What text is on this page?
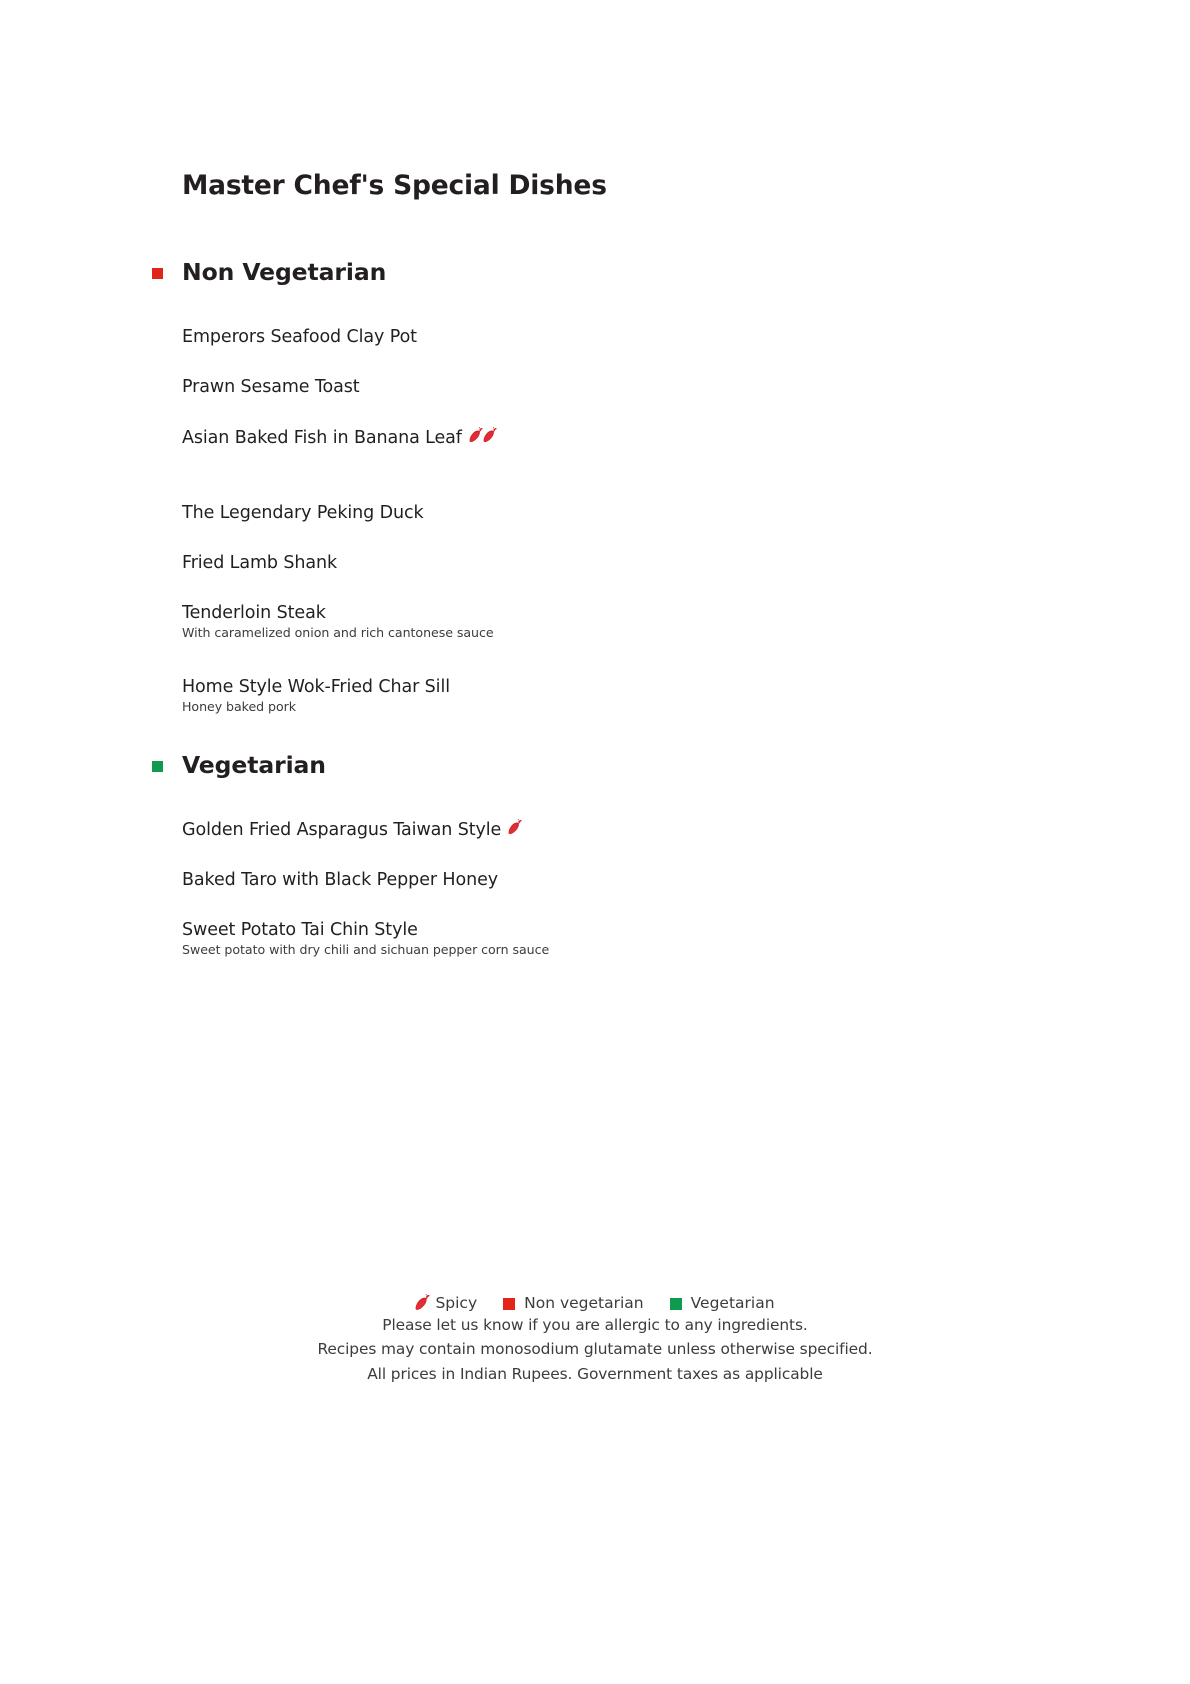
Master Chef's Special Dishes
Non Vegetarian
Emperors Seafood Clay Pot
Prawn Sesame Toast
Asian Baked Fish in Banana Leaf
The Legendary Peking Duck
Fried Lamb Shank
Tenderloin Steak
With caramelized onion and rich cantonese sauce
Home Style Wok-Fried Char Sill
Honey baked pork
Vegetarian
Golden Fried Asparagus Taiwan Style
Baked Taro with Black Pepper Honey
Sweet Potato Tai Chin Style
Sweet potato with dry chili and sichuan pepper corn sauce
Spicy	Non vegetarian	Vegetarian
Please let us know if you are allergic to any ingredients.
Recipes may contain monosodium glutamate unless otherwise specified.
All prices in Indian Rupees. Government taxes as applicable
